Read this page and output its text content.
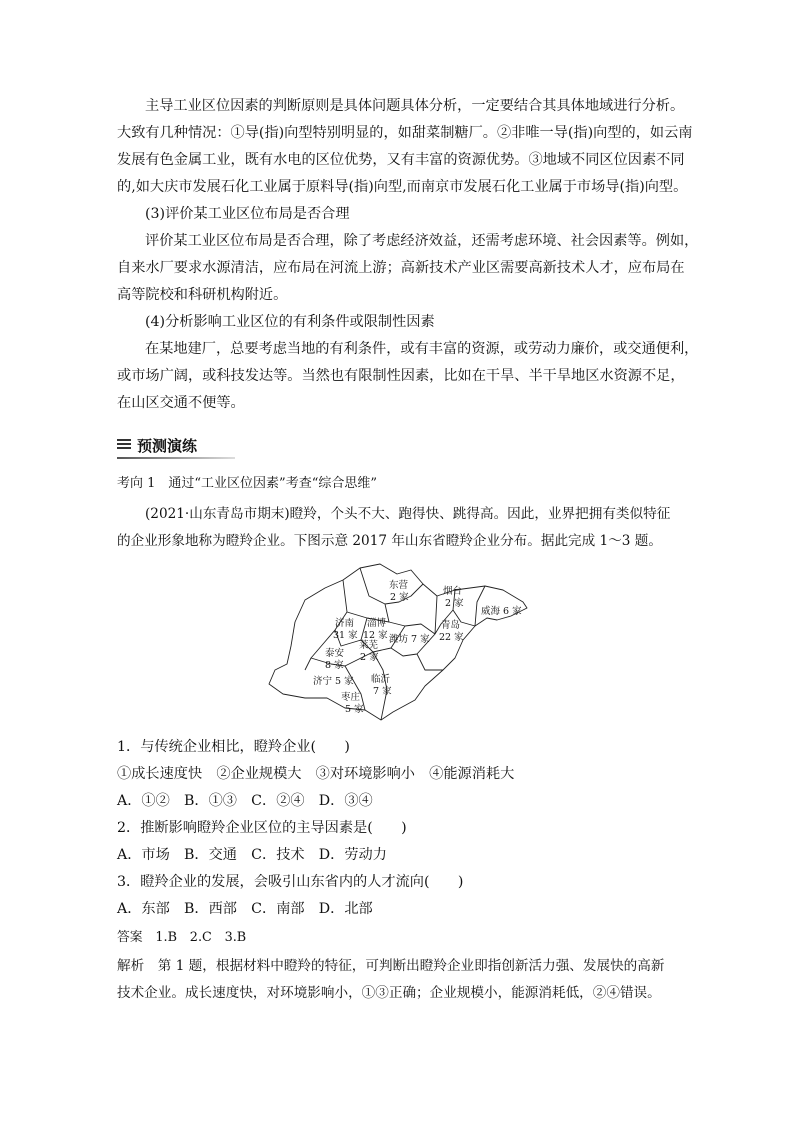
主导工业区位因素的判断原则是具体问题具体分析，一定要结合其具体地域进行分析。
大致有几种情况：①导(指)向型特别明显的，如甜菜制糖厂。②非唯一导(指)向型的，如云南
发展有色金属工业，既有水电的区位优势，又有丰富的资源优势。③地域不同区位因素不同
的,如大庆市发展石化工业属于原料导(指)向型,而南京市发展石化工业属于市场导(指)向型。
(3)评价某工业区位布局是否合理
评价某工业区位布局是否合理，除了考虑经济效益，还需考虑环境、社会因素等。例如，
自来水厂要求水源清洁，应布局在河流上游；高新技术产业区需要高新技术人才，应布局在
高等院校和科研机构附近。
(4)分析影响工业区位的有利条件或限制性因素
在某地建厂，总要考虑当地的有利条件，或有丰富的资源，或劳动力廉价，或交通便利，
或市场广阔，或科技发达等。当然也有限制性因素，比如在干旱、半干旱地区水资源不足，
在山区交通不便等。
预测演练
考向 1　通过“工业区位因素”考查“综合思维”
(2021·山东青岛市期末)瞪羚，个头不大、跑得快、跳得高。因此，业界把拥有类似特征
的企业形象地称为瞪羚企业。下图示意 2017 年山东省瞪羚企业分布。据此完成 1～3 题。
东营
2 家
烟台
2 家
威海 6 家
济南
31 家
淄博
12 家 潍坊 7 家
青岛
22 家
莱芜
2 家
泰安
8 家
济宁 5 家 临沂
7 家
枣庄
5 家
1．与传统企业相比，瞪羚企业(　　)
①成长速度快　②企业规模大　③对环境影响小　④能源消耗大
A．①②　B．①③　C．②④　D．③④
2．推断影响瞪羚企业区位的主导因素是(　　)
A．市场　B．交通　C．技术　D．劳动力
3．瞪羚企业的发展，会吸引山东省内的人才流向(　　)
A．东部　B．西部　C．南部　D．北部
答案　1.B　2.C　3.B
解析　第 1 题，根据材料中瞪羚的特征，可判断出瞪羚企业即指创新活力强、发展快的高新
技术企业。成长速度快，对环境影响小，①③正确；企业规模小，能源消耗低，②④错误。
